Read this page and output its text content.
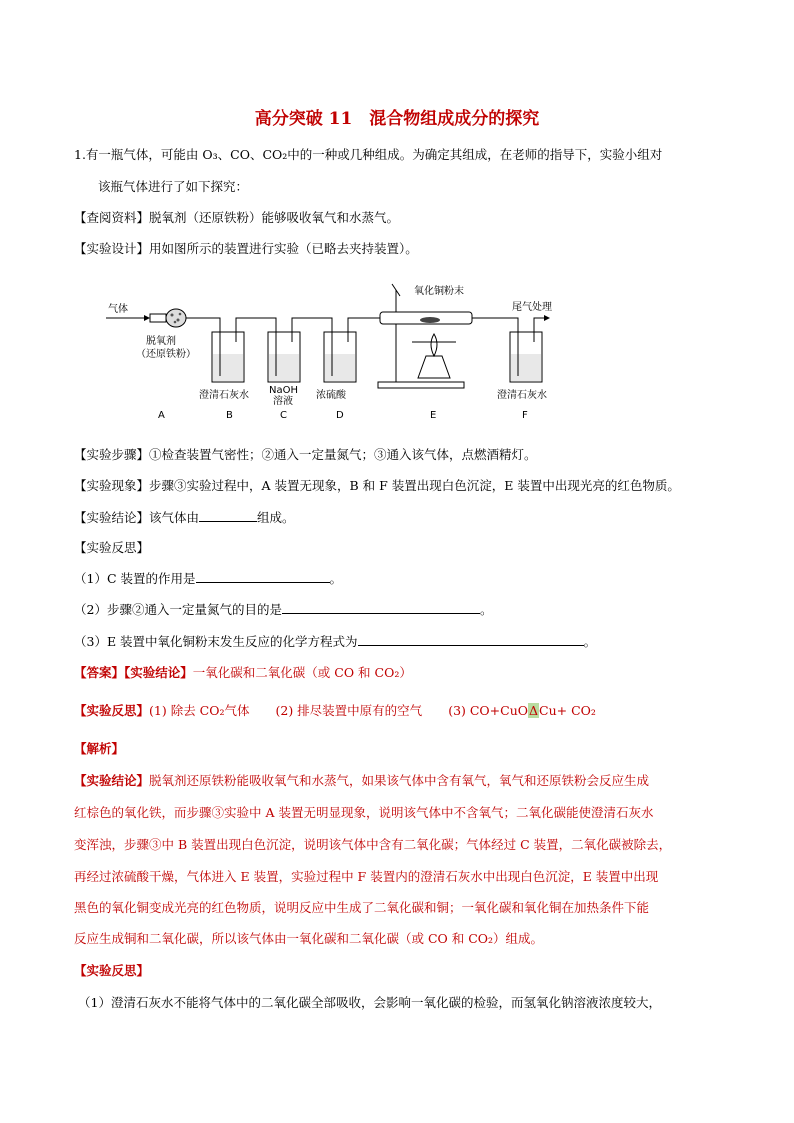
高分突破 11　混合物组成成分的探究
1.有一瓶气体，可能由 O₃、CO、CO₂中的一种或几种组成。为确定其组成，在老师的指导下，实验小组对
该瓶气体进行了如下探究：
【查阅资料】脱氧剂（还原铁粉）能够吸收氧气和水蒸气。
【实验设计】用如图所示的装置进行实验（已略去夹持装置）。
气体
脱氧剂
（还原铁粉）
尾气处理
氧化铜粉末
澄清石灰水 NaOH
溶液
浓硫酸	澄清石灰水
A	B	C	D	E	F
【实验步骤】①检查装置气密性；②通入一定量氮气；③通入该气体，点燃酒精灯。
【实验现象】步骤③实验过程中，A 装置无现象，B 和 F 装置出现白色沉淀，E 装置中出现光亮的红色物质。
【实验结论】该气体由	组成。
【实验反思】
（1）C 装置的作用是	。
（2）步骤②通入一定量氮气的目的是	。
（3）E 装置中氧化铜粉末发生反应的化学方程式为	。
【答案】【实验结论】一氧化碳和二氧化碳（或 CO 和 CO₂）
【实验反思】(1) 除去 CO₂气体 (2) 排尽装置中原有的空气 (3) CO+CuOΔCu+ CO₂
【解析】
【实验结论】脱氧剂还原铁粉能吸收氧气和水蒸气，如果该气体中含有氧气，氧气和还原铁粉会反应生成
红棕色的氧化铁，而步骤③实验中 A 装置无明显现象，说明该气体中不含氧气；二氧化碳能使澄清石灰水
变浑浊，步骤③中 B 装置出现白色沉淀，说明该气体中含有二氧化碳；气体经过 C 装置，二氧化碳被除去，
再经过浓硫酸干燥，气体进入 E 装置，实验过程中 F 装置内的澄清石灰水中出现白色沉淀，E 装置中出现
黑色的氧化铜变成光亮的红色物质，说明反应中生成了二氧化碳和铜；一氧化碳和氧化铜在加热条件下能
反应生成铜和二氧化碳，所以该气体由一氧化碳和二氧化碳（或 CO 和 CO₂）组成。
【实验反思】
（1）澄清石灰水不能将气体中的二氧化碳全部吸收，会影响一氧化碳的检验，而氢氧化钠溶液浓度较大，
